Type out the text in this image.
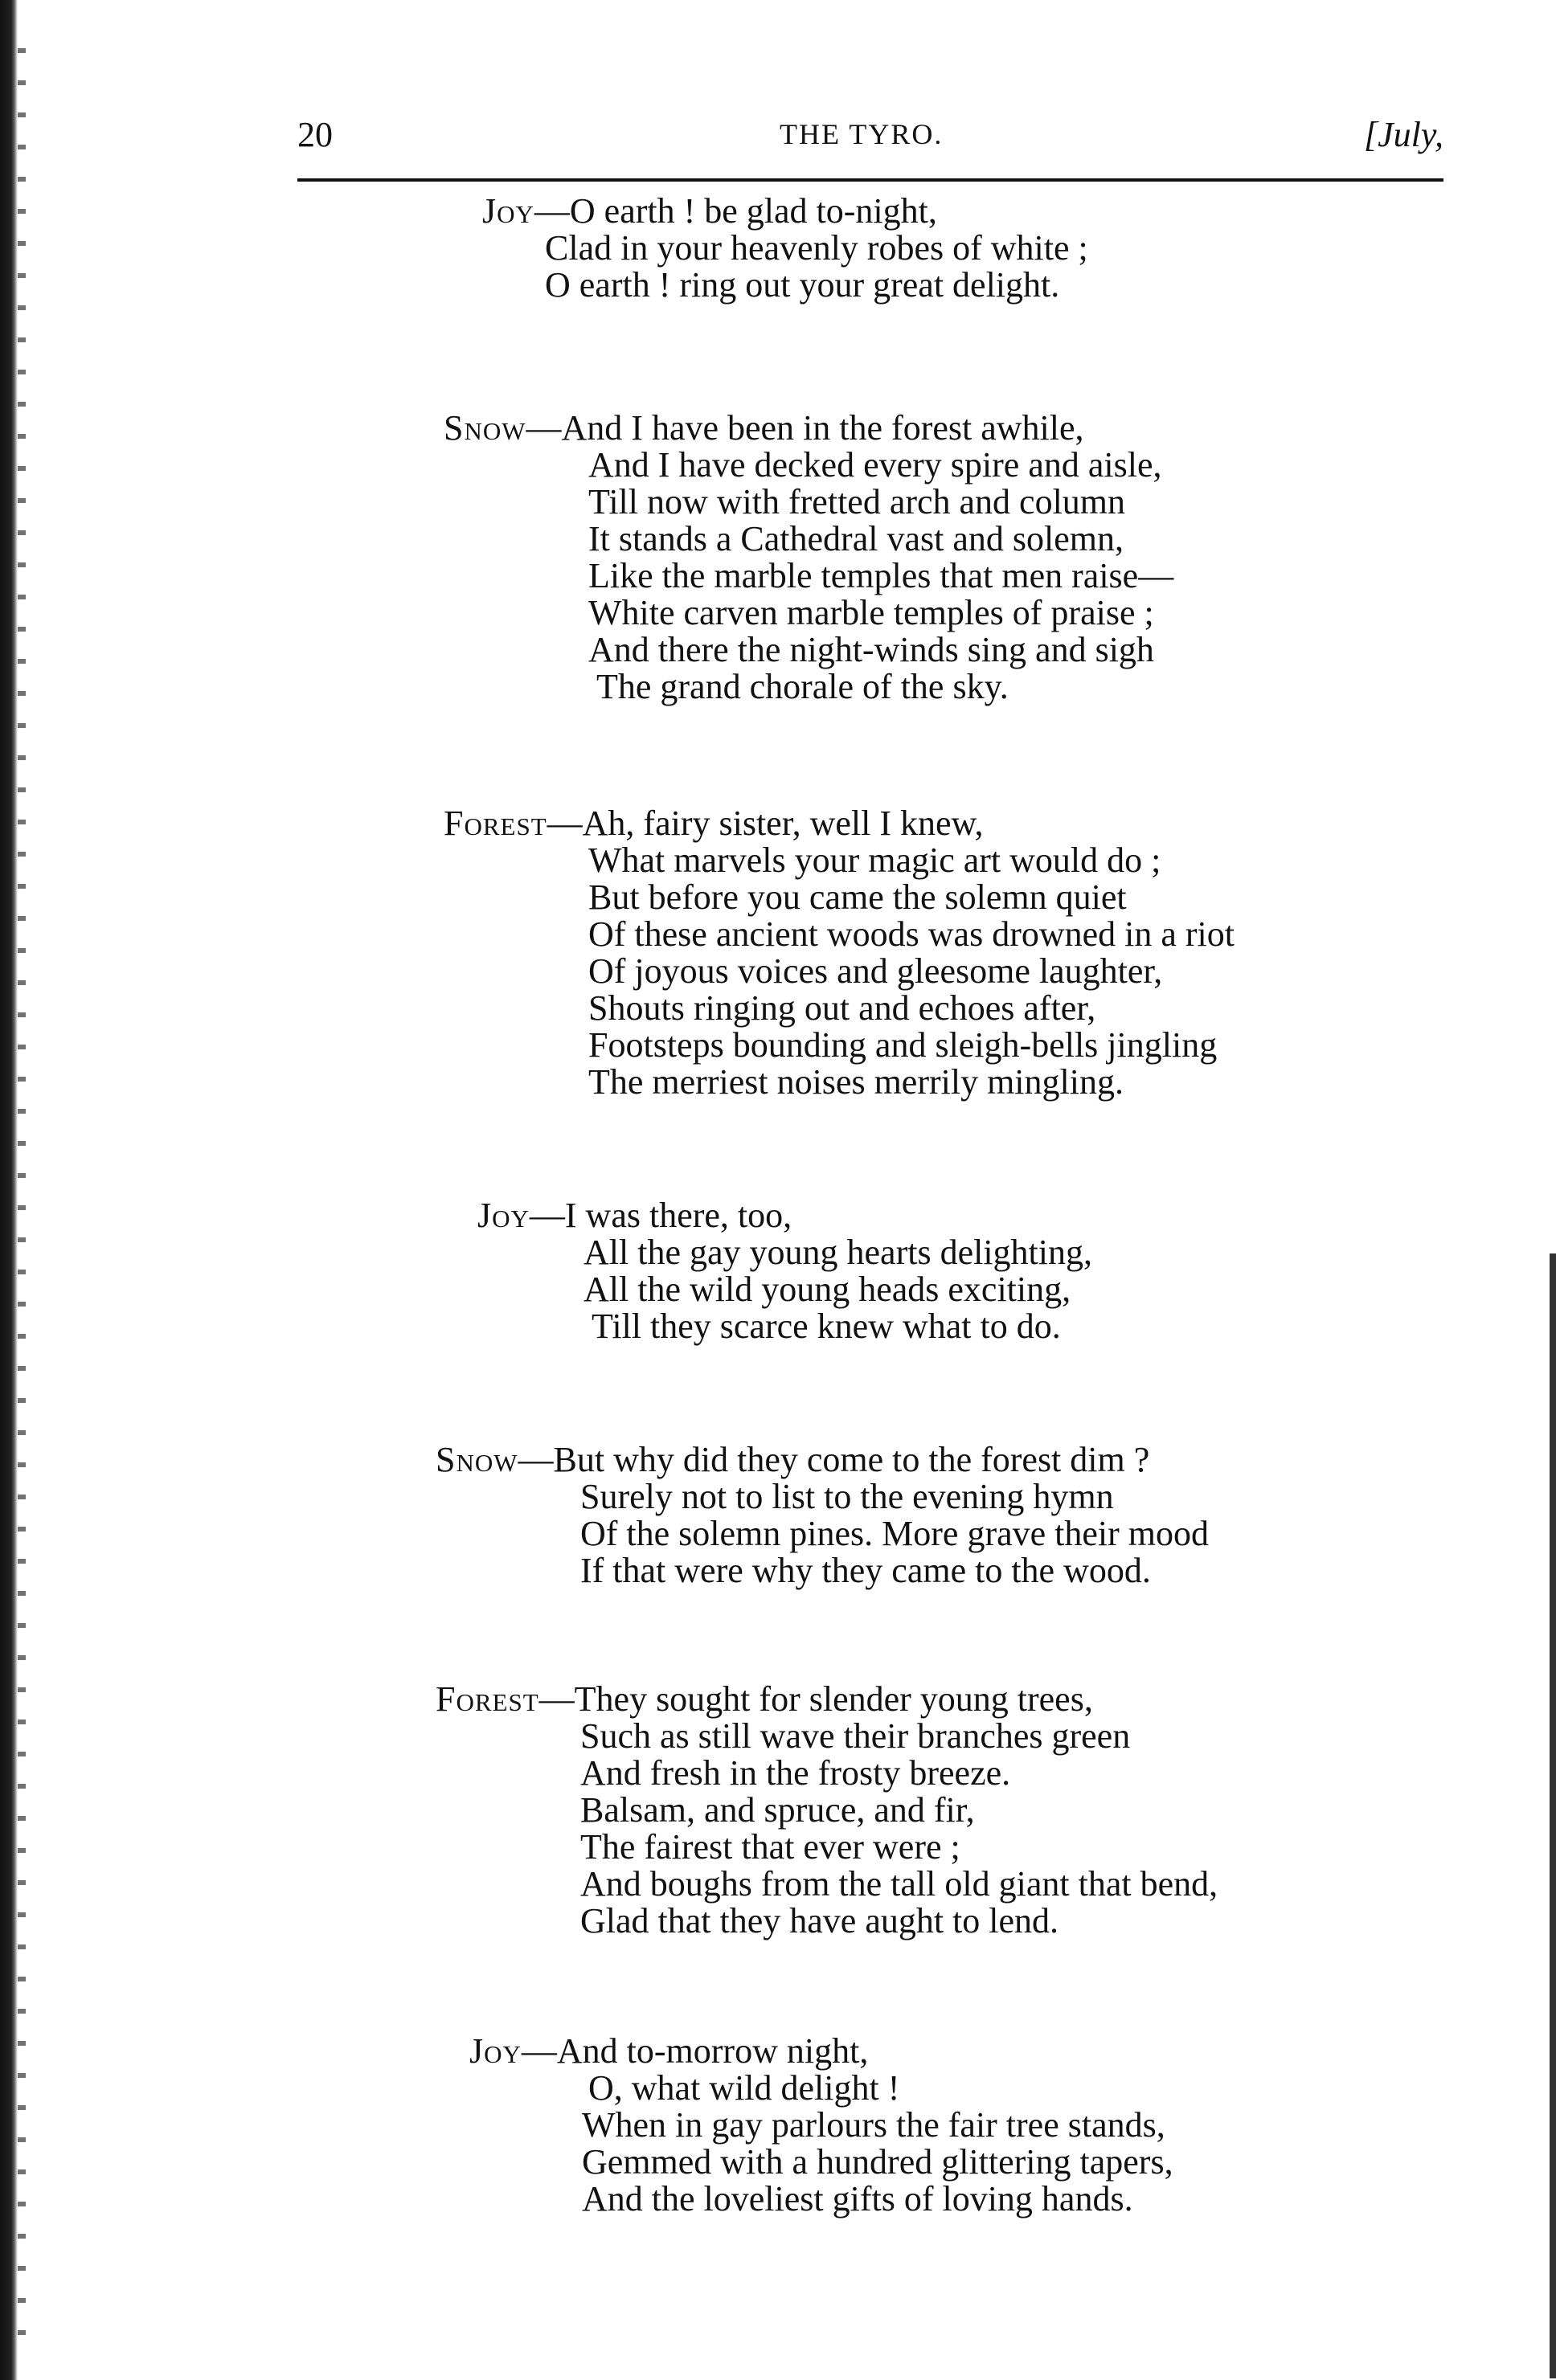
20	THE TYRO.	[July,
Joy—O earth ! be glad to-night,
Clad in your heavenly robes of white ;
O earth ! ring out your great delight.
Snow—And I have been in the forest awhile,
And I have decked every spire and aisle,
Till now with fretted arch and column
It stands a Cathedral vast and solemn,
Like the marble temples that men raise—
White carven marble temples of praise ;
And there the night-winds sing and sigh
The grand chorale of the sky.
Forest—Ah, fairy sister, well I knew,
What marvels your magic art would do ;
But before you came the solemn quiet
Of these ancient woods was drowned in a riot
Of joyous voices and gleesome laughter,
Shouts ringing out and echoes after,
Footsteps bounding and sleigh-bells jingling
The merriest noises merrily mingling.
Joy—I was there, too,
All the gay young hearts delighting,
All the wild young heads exciting,
Till they scarce knew what to do.
Snow—But why did they come to the forest dim ?
Surely not to list to the evening hymn
Of the solemn pines. More grave their mood
If that were why they came to the wood.
Forest—They sought for slender young trees,
Such as still wave their branches green
And fresh in the frosty breeze.
Balsam, and spruce, and fir,
The fairest that ever were ;
And boughs from the tall old giant that bend,
Glad that they have aught to lend.
Joy—And to-morrow night,
O, what wild delight !
When in gay parlours the fair tree stands,
Gemmed with a hundred glittering tapers,
And the loveliest gifts of loving hands.
